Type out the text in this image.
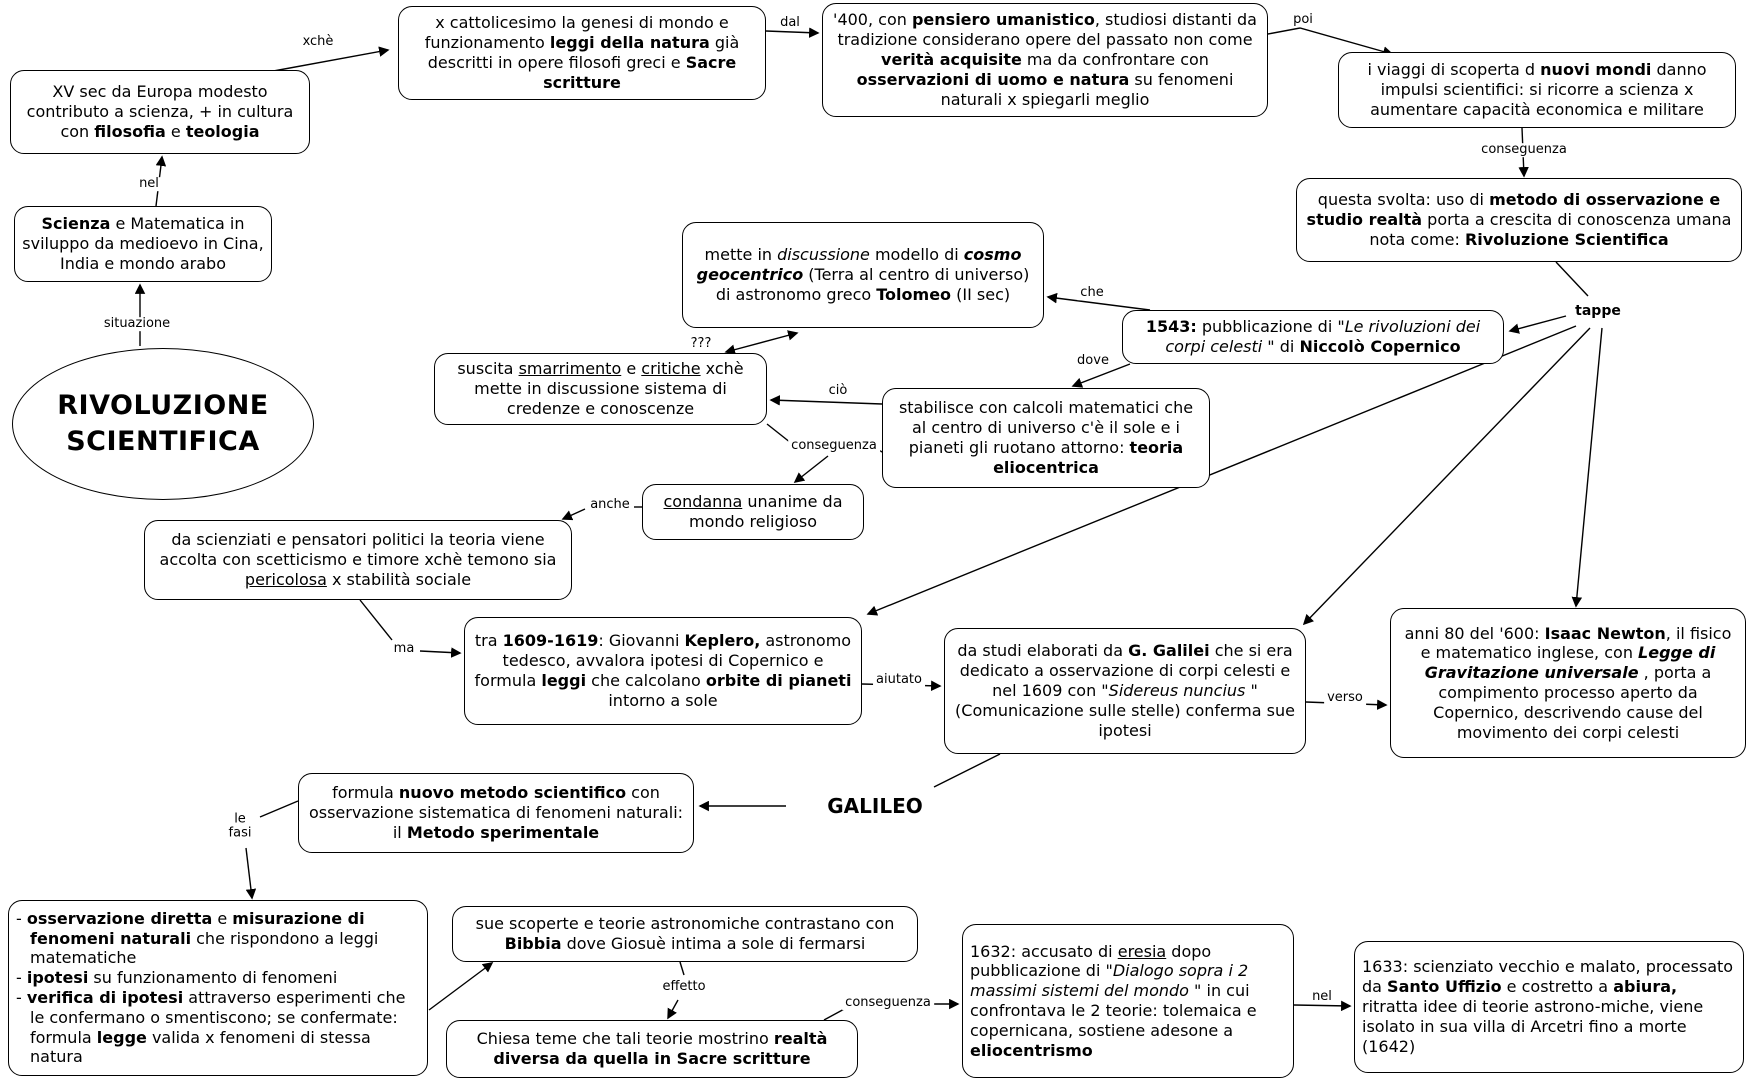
XV sec da Europa modesto contributo a scienza, + in cultura con filosofia e teologia
x cattolicesimo la genesi di mondo e funzionamento leggi della natura già descritti in opere filosofi greci e Sacre scritture
'400, con pensiero umanistico, studiosi distanti da tradizione considerano opere del passato non come verità acquisite ma da confrontare con osservazioni di uomo e natura su fenomeni naturali x spiegarli meglio
i viaggi di scoperta d nuovi mondi danno impulsi scientifici: si ricorre a scienza x aumentare capacità economica e militare
questa svolta: uso di metodo di osservazione e studio realtà porta a crescita di conoscenza umana nota come: Rivoluzione Scientifica
Scienza e Matematica in sviluppo da medioevo in Cina, India e mondo arabo
RIVOLUZIONE
SCIENTIFICA
mette in discussione modello di cosmo geocentrico (Terra al centro di universo) di astronomo greco Tolomeo (II sec)
1543: pubblicazione di "Le rivoluzioni dei corpi celesti " di Niccolò Copernico
suscita smarrimento e critiche xchè mette in discussione sistema di credenze e conoscenze	stabilisce con calcoli matematici che al centro di universo c'è il sole e i pianeti gli ruotano attorno: teoria eliocentrica
condanna unanime da mondo religioso
da scienziati e pensatori politici la teoria viene accolta con scetticismo e timore xchè temono sia pericolosa x stabilità sociale
tra 1609-1619: Giovanni Keplero, astronomo tedesco, avvalora ipotesi di Copernico e formula leggi che calcolano orbite di pianeti intorno a sole
da studi elaborati da G. Galilei che si era dedicato a osservazione di corpi celesti e nel 1609 con "Sidereus nuncius " (Comunicazione sulle stelle) conferma sue ipotesi
anni 80 del '600: Isaac Newton, il fisico e matematico inglese, con Legge di Gravitazione universale , porta a compimento processo aperto da Copernico, descrivendo cause del movimento dei corpi celesti
formula nuovo metodo scientifico con osservazione sistematica di fenomeni naturali: il Metodo sperimentale
GALILEO
tappe
- osservazione diretta e misurazione di fenomeni naturali che rispondono a leggi matematiche
- ipotesi su funzionamento di fenomeni
- verifica di ipotesi attraverso esperimenti che le confermano o smentiscono; se confermate: formula legge valida x fenomeni di stessa natura
sue scoperte e teorie astronomiche contrastano con Bibbia dove Giosuè intima a sole di fermarsi
Chiesa teme che tali teorie mostrino realtà diversa da quella in Sacre scritture
1632: accusato di eresia dopo pubblicazione di "Dialogo sopra i 2 massimi sistemi del mondo " in cui confrontava le 2 teorie: tolemaica e copernicana, sostiene adesone a eliocentrismo
1633: scienziato vecchio e malato, processato da Santo Uffizio e costretto a abiura, ritratta idee di teorie astrono-miche, viene isolato in sua villa di Arcetri fino a morte (1642)
xchè
dal	poi
conseguenza
nel
situazione
che
???
dove
ciò
conseguenza
anche
ma
aiutato
verso
le
fasi
effetto
conseguenza	nel
